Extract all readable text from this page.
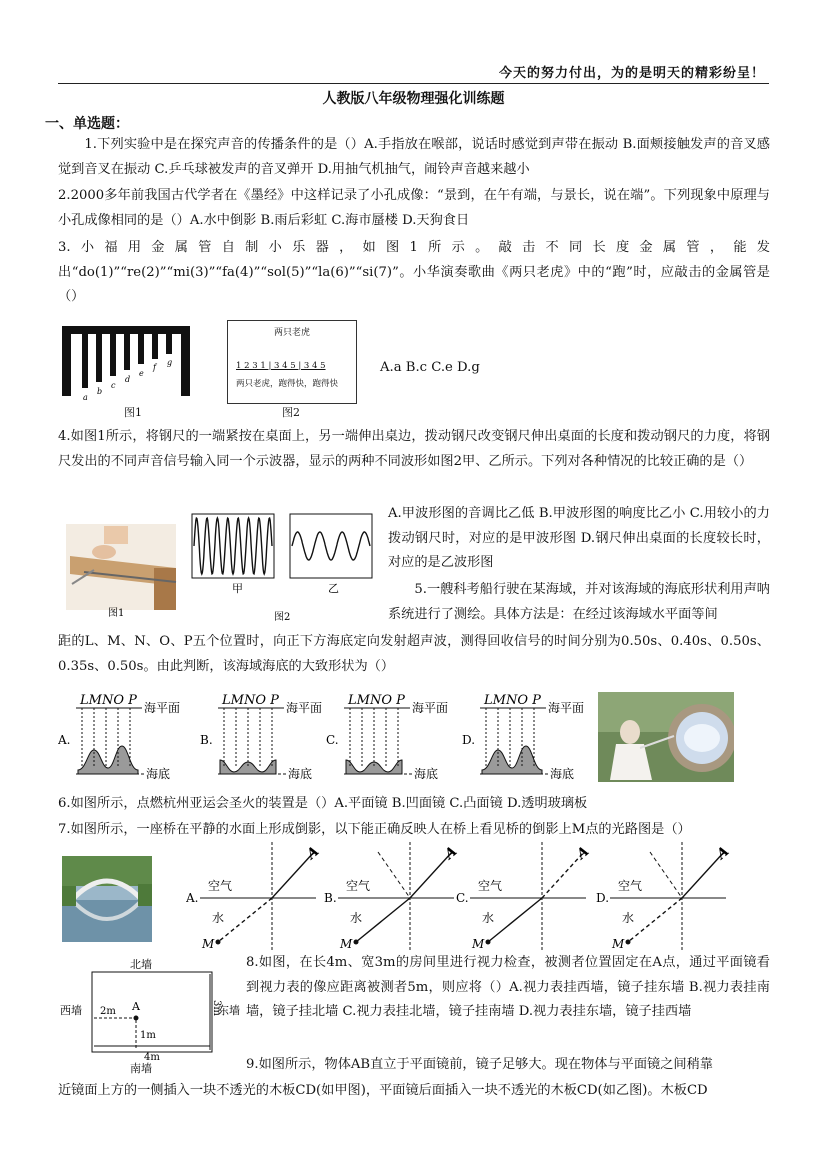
今天的努力付出，为的是明天的精彩纷呈！
人教版八年级物理强化训练题
一、单选题：
1.下列实验中是在探究声音的传播条件的是（）A.手指放在喉部，说话时感觉到声带在振动 B.面颊接触发声的音叉感觉到音叉在振动 C.乒乓球被发声的音叉弹开 D.用抽气机抽气，闹铃声音越来越小
2.2000多年前我国古代学者在《墨经》中这样记录了小孔成像：“景到，在午有端，与景长，说在端”。下列现象中原理与小孔成像相同的是（）A.水中倒影 B.雨后彩虹 C.海市蜃楼 D.天狗食日
3.小福用金属管自制小乐器，如图1所示。敲击不同长度金属管，能发出“do(1)”“re(2)”“mi(3)”“fa(4)”“sol(5)”“la(6)”“si(7)”。小华演奏歌曲《两只老虎》中的“跑”时，应敲击的金属管是（）
a
b
c
d
e
f
g
图1
两只老虎
1 2 3 1 | 3 4 5 | 3 4 5
两只老虎，跑得快，跑得快
图2
A.a B.c C.e D.g
4.如图1所示，将钢尺的一端紧按在桌面上，另一端伸出桌边，拨动钢尺改变钢尺伸出桌面的长度和拨动钢尺的力度，将钢尺发出的不同声音信号输入同一个示波器，显示的两种不同波形如图2甲、乙所示。下列对各种情况的比较正确的是（）
甲	乙
图1	图2
A.甲波形图的音调比乙低 B.甲波形图的响度比乙小 C.用较小的力拨动钢尺时，对应的是甲波形图 D.钢尺伸出桌面的长度较长时，对应的是乙波形图
5.一艘科考船行驶在某海域，并对该海域的海底形状利用声呐系统进行了测绘。具体方法是：在经过该海域水平面等间
距的L、M、N、O、P五个位置时，向正下方海底定向发射超声波，测得回收信号的时间分别为0.50s、0.40s、0.50s、0.35s、0.50s。由此判断，该海域海底的大致形状为（）
LMNO P 海平面
海底
LMNO P 海平面
海底
LMNO P 海平面
海底
LMNO P 海平面
海底
A.	B.	C.	D.
6.如图所示，点燃杭州亚运会圣火的装置是（）A.平面镜 B.凹面镜 C.凸面镜 D.透明玻璃板
7.如图所示，一座桥在平静的水面上形成倒影，以下能正确反映人在桥上看见桥的倒影上M点的光路图是（）
A.
空气
水
M
A
B.
空气
水
M
A
C.
空气
水
M
A
D.
空气
水
M
A
北墙
南墙
西墙	东墙
A
2m
1m
3m
4m
8.如图，在长4m、宽3m的房间里进行视力检查，被测者位置固定在A点，通过平面镜看到视力表的像应距离被测者5m，则应将（）A.视力表挂西墙，镜子挂东墙 B.视力表挂南墙，镜子挂北墙 C.视力表挂北墙，镜子挂南墙 D.视力表挂东墙，镜子挂西墙
9.如图所示，物体AB直立于平面镜前，镜子足够大。现在物体与平面镜之间稍靠
近镜面上方的一侧插入一块不透光的木板CD(如甲图)，平面镜后面插入一块不透光的木板CD(如乙图)。木板CD
